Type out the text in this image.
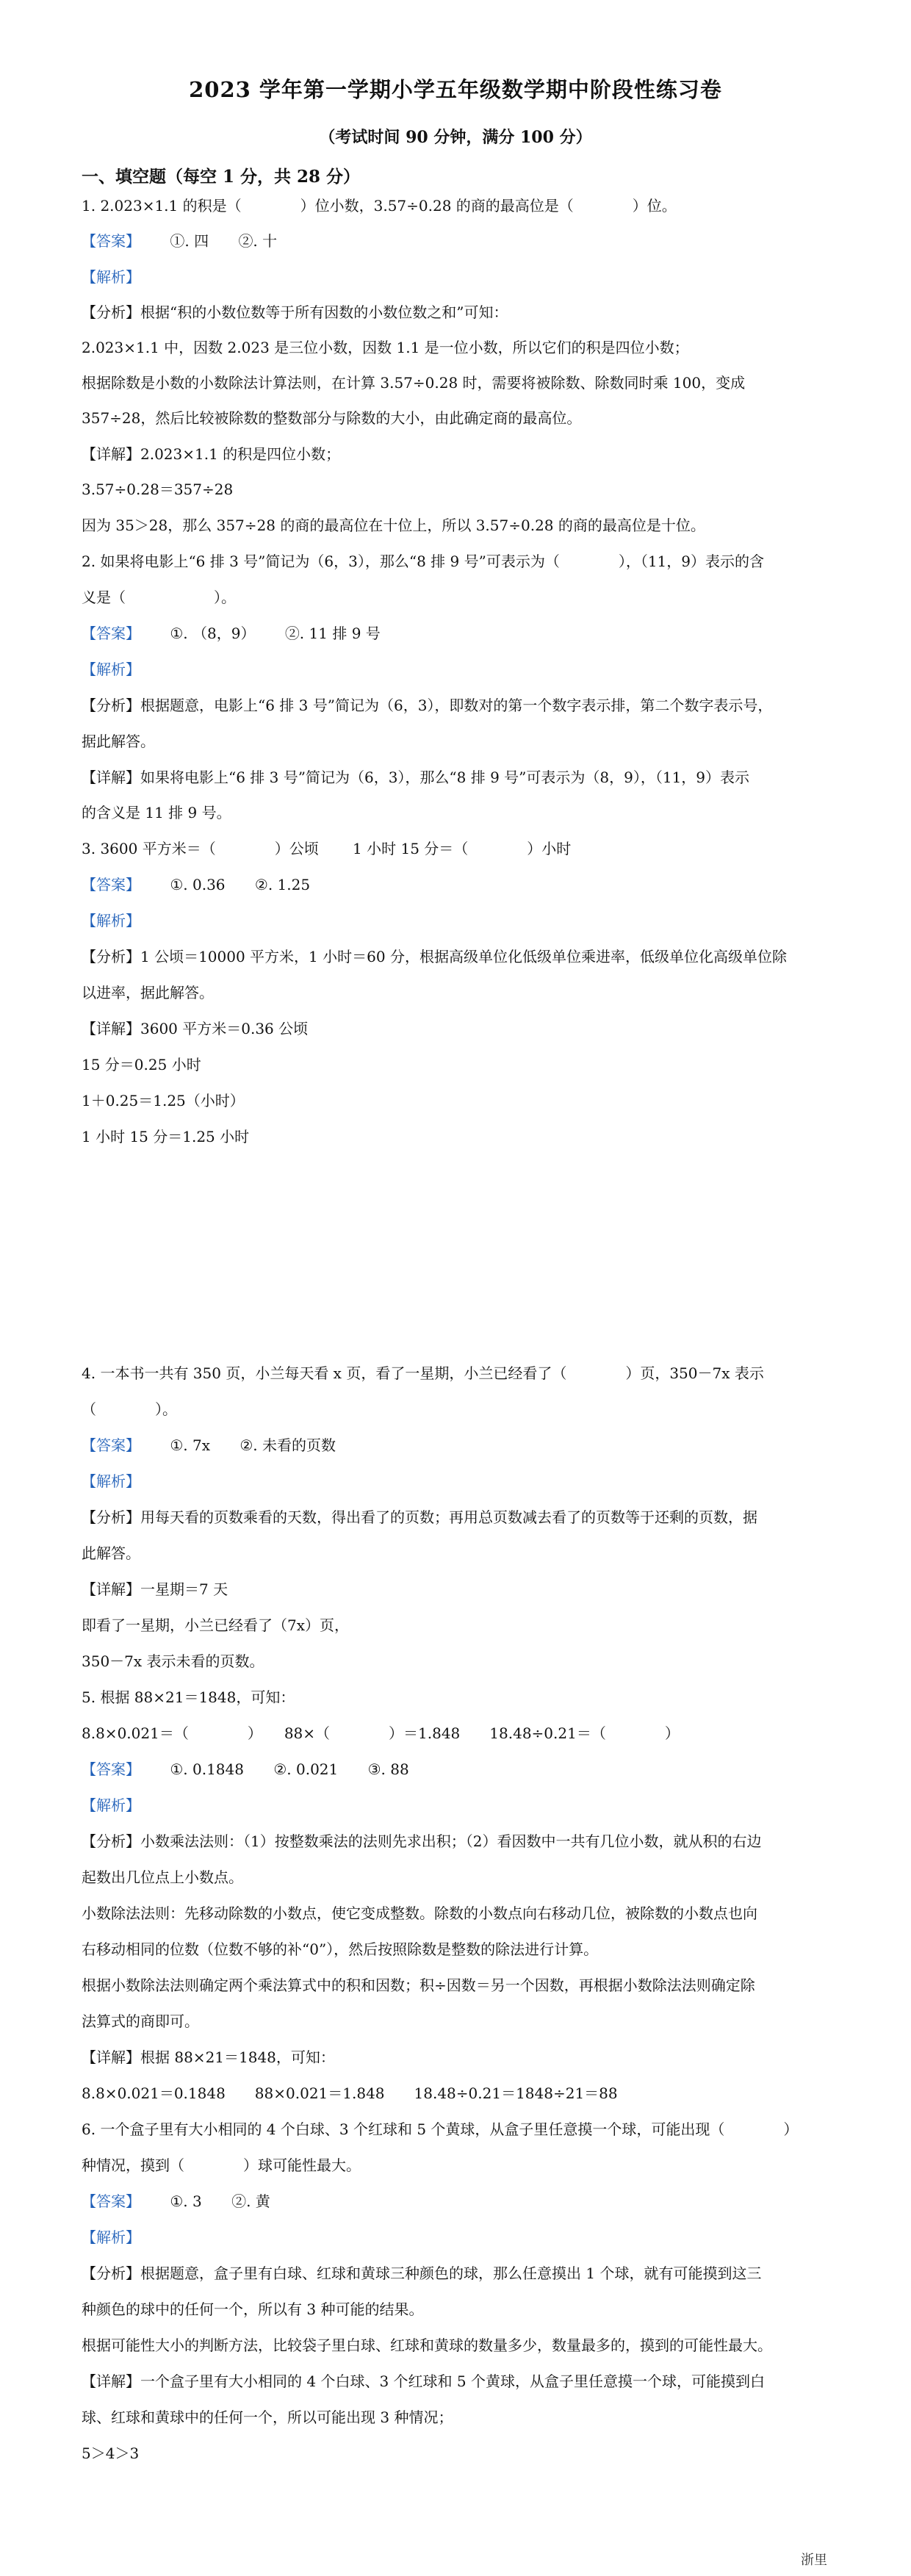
2023 学年第一学期小学五年级数学期中阶段性练习卷
（考试时间 90 分钟，满分 100 分）
一、填空题（每空 1 分，共 28 分）
1. 2.023×1.1 的积是（　　　　）位小数，3.57÷0.28 的商的最高位是（　　　　）位。
【答案】 ①. 四 ②. 十
【解析】
【分析】根据“积的小数位数等于所有因数的小数位数之和”可知：
2.023×1.1 中，因数 2.023 是三位小数，因数 1.1 是一位小数，所以它们的积是四位小数；
根据除数是小数的小数除法计算法则，在计算 3.57÷0.28 时，需要将被除数、除数同时乘 100，变成
357÷28，然后比较被除数的整数部分与除数的大小，由此确定商的最高位。
【详解】2.023×1.1 的积是四位小数；
3.57÷0.28＝357÷28
因为 35＞28，那么 357÷28 的商的最高位在十位上，所以 3.57÷0.28 的商的最高位是十位。
2. 如果将电影上“6 排 3 号”简记为（6，3），那么“8 排 9 号”可表示为（　　　　），（11，9）表示的含
义是（　　　　　　）。
【答案】 ①. （8，9） ②. 11 排 9 号
【解析】
【分析】根据题意，电影上“6 排 3 号”简记为（6，3），即数对的第一个数字表示排，第二个数字表示号，
据此解答。
【详解】如果将电影上“6 排 3 号”简记为（6，3），那么“8 排 9 号”可表示为（8，9），（11，9）表示
的含义是 11 排 9 号。
3. 3600 平方米＝（　　　　）公顷　　 1 小时 15 分＝（　　　　）小时
【答案】 ①. 0.36 ②. 1.25
【解析】
【分析】1 公顷＝10000 平方米，1 小时＝60 分，根据高级单位化低级单位乘进率，低级单位化高级单位除
以进率，据此解答。
【详解】3600 平方米＝0.36 公顷
15 分＝0.25 小时
1＋0.25＝1.25（小时）
1 小时 15 分＝1.25 小时
4. 一本书一共有 350 页，小兰每天看 x 页，看了一星期，小兰已经看了（　　　　）页，350－7x 表示
（　　　　）。
【答案】 ①. 7x ②. 未看的页数
【解析】
【分析】用每天看的页数乘看的天数，得出看了的页数；再用总页数减去看了的页数等于还剩的页数，据
此解答。
【详解】一星期＝7 天
即看了一星期，小兰已经看了（7x）页，
350－7x 表示未看的页数。
5. 根据 88×21＝1848，可知：
8.8×0.021＝（　　　　）　　88×（　　　　）＝1.848　　18.48÷0.21＝（　　　　）
【答案】 ①. 0.1848 ②. 0.021 ③. 88
【解析】
【分析】小数乘法法则：（1）按整数乘法的法则先求出积；（2）看因数中一共有几位小数，就从积的右边
起数出几位点上小数点。
小数除法法则：先移动除数的小数点，使它变成整数。除数的小数点向右移动几位，被除数的小数点也向
右移动相同的位数（位数不够的补“0”），然后按照除数是整数的除法进行计算。
根据小数除法法则确定两个乘法算式中的积和因数；积÷因数＝另一个因数，再根据小数除法法则确定除
法算式的商即可。
【详解】根据 88×21＝1848，可知：
8.8×0.021＝0.1848　　88×0.021＝1.848　　18.48÷0.21＝1848÷21＝88
6. 一个盒子里有大小相同的 4 个白球、3 个红球和 5 个黄球，从盒子里任意摸一个球，可能出现（　　　　）
种情况，摸到（　　　　）球可能性最大。
【答案】 ①. 3 ②. 黄
【解析】
【分析】根据题意，盒子里有白球、红球和黄球三种颜色的球，那么任意摸出 1 个球，就有可能摸到这三
种颜色的球中的任何一个，所以有 3 种可能的结果。
根据可能性大小的判断方法，比较袋子里白球、红球和黄球的数量多少，数量最多的，摸到的可能性最大。
【详解】一个盒子里有大小相同的 4 个白球、3 个红球和 5 个黄球，从盒子里任意摸一个球，可能摸到白
球、红球和黄球中的任何一个，所以可能出现 3 种情况；
5＞4＞3
浙里
